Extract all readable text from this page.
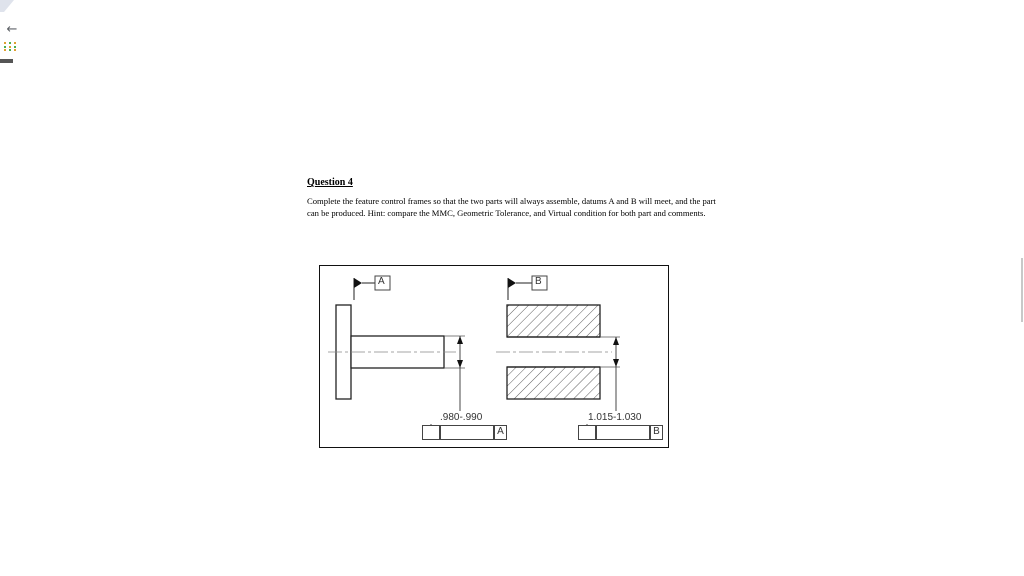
←

Question 4

Complete the feature control frames so that the two parts will always assemble, datums A and B will meet, and the part can be produced. Hint: compare the MMC, Geometric Tolerance, and Virtual condition for both part and comments.
A	B
.980-.990	1.015-1.030
A	B
